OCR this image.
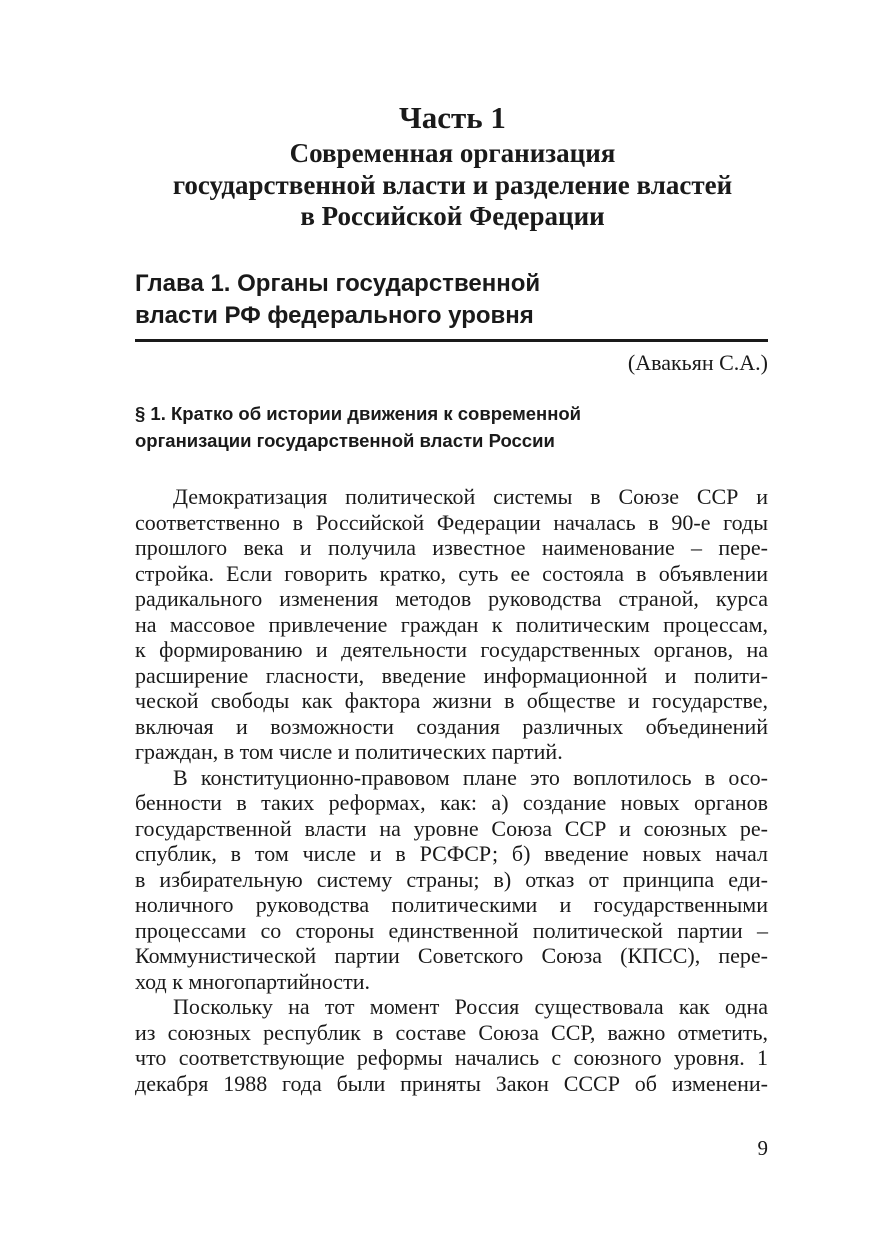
Часть 1
Современная организация
государственной власти и разделение властей
в Российской Федерации
Глава 1. Органы государственной
власти РФ федерального уровня
(Авакьян С.А.)
§ 1. Кратко об истории движения к современной
организации государственной власти России
Демократизация политической системы в Союзе ССР и
соответственно в Российской Федерации началась в 90-е годы
прошлого века и получила известное наименование – пере-
стройка. Если говорить кратко, суть ее состояла в объявлении
радикального изменения методов руководства страной, курса
на массовое привлечение граждан к политическим процессам,
к формированию и деятельности государственных органов, на
расширение гласности, введение информационной и полити-
ческой свободы как фактора жизни в обществе и государстве,
включая и возможности создания различных объединений
граждан, в том числе и политических партий.
В конституционно-правовом плане это воплотилось в осо-
бенности в таких реформах, как: а) создание новых органов
государственной власти на уровне Союза ССР и союзных ре-
спублик, в том числе и в РСФСР; б) введение новых начал
в избирательную систему страны; в) отказ от принципа еди-
ноличного руководства политическими и государственными
процессами со стороны единственной политической партии –
Коммунистической партии Советского Союза (КПСС), пере-
ход к многопартийности.
Поскольку на тот момент Россия существовала как одна
из союзных республик в составе Союза ССР, важно отметить,
что соответствующие реформы начались с союзного уровня. 1
декабря 1988 года были приняты Закон СССР об изменени-
9
